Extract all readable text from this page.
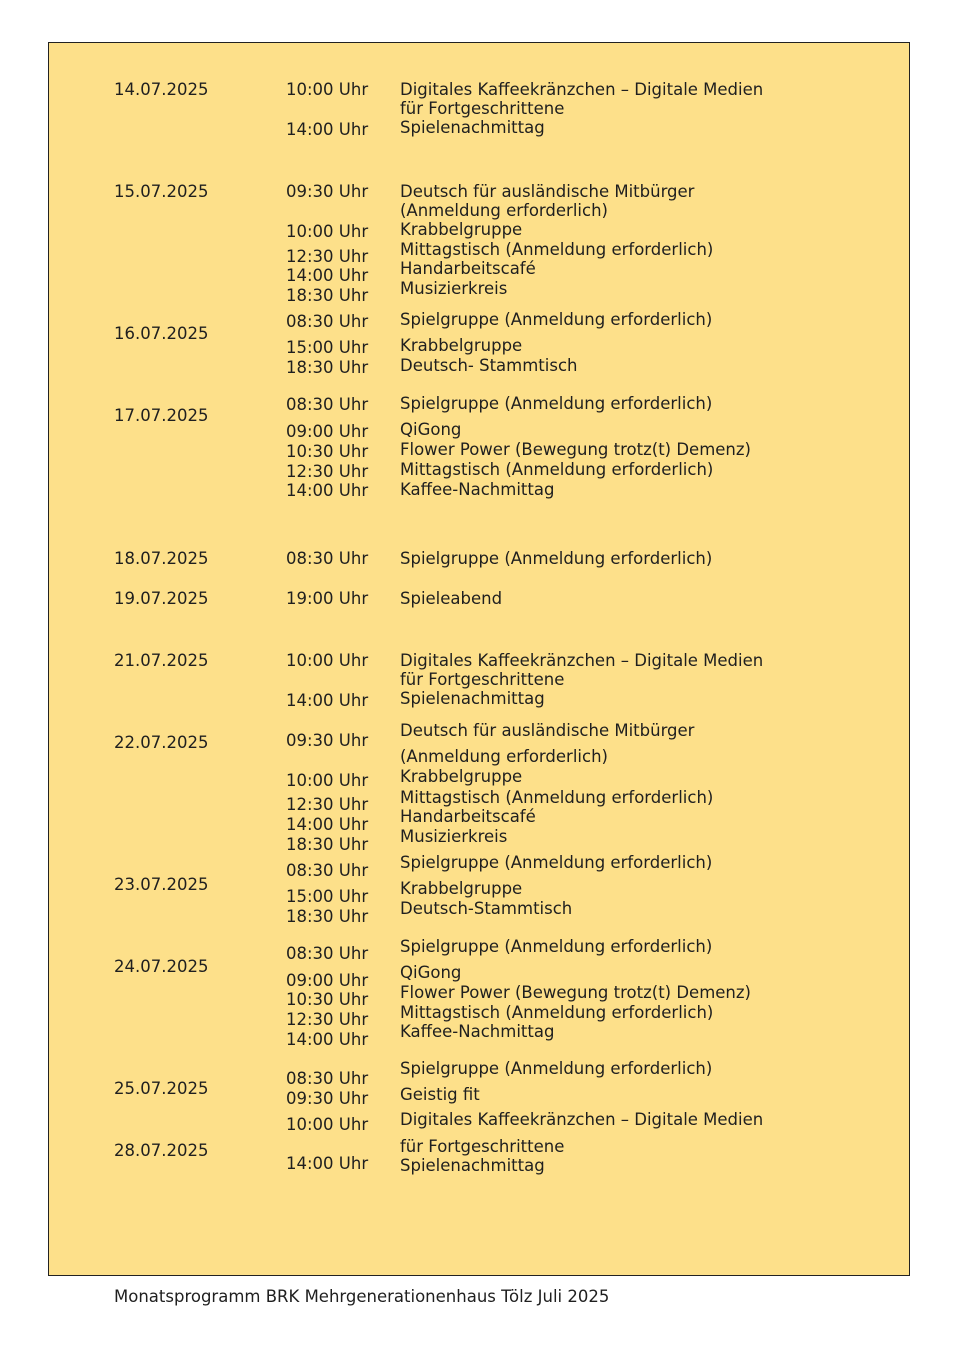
14.07.2025
15.07.2025
16.07.2025
17.07.2025
18.07.2025
19.07.2025
21.07.2025
22.07.2025
23.07.2025
24.07.2025
25.07.2025
28.07.2025
10:00 Uhr
14:00 Uhr
09:30 Uhr
10:00 Uhr
12:30 Uhr
14:00 Uhr
18:30 Uhr
08:30 Uhr
15:00 Uhr
18:30 Uhr
08:30 Uhr
09:00 Uhr
10:30 Uhr
12:30 Uhr
14:00 Uhr
08:30 Uhr
19:00 Uhr
10:00 Uhr
14:00 Uhr
09:30 Uhr
10:00 Uhr
12:30 Uhr
14:00 Uhr
18:30 Uhr
08:30 Uhr
15:00 Uhr
18:30 Uhr
08:30 Uhr
09:00 Uhr
10:30 Uhr
12:30 Uhr
14:00 Uhr
08:30 Uhr
09:30 Uhr
10:00 Uhr
14:00 Uhr
Digitales Kaffeekränzchen – Digitale Medien
für Fortgeschrittene
Spielenachmittag
Deutsch für ausländische Mitbürger
(Anmeldung erforderlich)
Krabbelgruppe
Mittagstisch (Anmeldung erforderlich)
Handarbeitscafé
Musizierkreis
Spielgruppe (Anmeldung erforderlich)
Krabbelgruppe
Deutsch- Stammtisch
Spielgruppe (Anmeldung erforderlich)
QiGong
Flower Power (Bewegung trotz(t) Demenz)
Mittagstisch (Anmeldung erforderlich)
Kaffee-Nachmittag
Spielgruppe (Anmeldung erforderlich)
Spieleabend
Digitales Kaffeekränzchen – Digitale Medien
für Fortgeschrittene
Spielenachmittag
Deutsch für ausländische Mitbürger
(Anmeldung erforderlich)
Krabbelgruppe
Mittagstisch (Anmeldung erforderlich)
Handarbeitscafé
Musizierkreis
Spielgruppe (Anmeldung erforderlich)
Krabbelgruppe
Deutsch-Stammtisch
Spielgruppe (Anmeldung erforderlich)
QiGong
Flower Power (Bewegung trotz(t) Demenz)
Mittagstisch (Anmeldung erforderlich)
Kaffee-Nachmittag
Spielgruppe (Anmeldung erforderlich)
Geistig fit
Digitales Kaffeekränzchen – Digitale Medien
für Fortgeschrittene
Spielenachmittag
Monatsprogramm BRK Mehrgenerationenhaus Tölz Juli 2025
